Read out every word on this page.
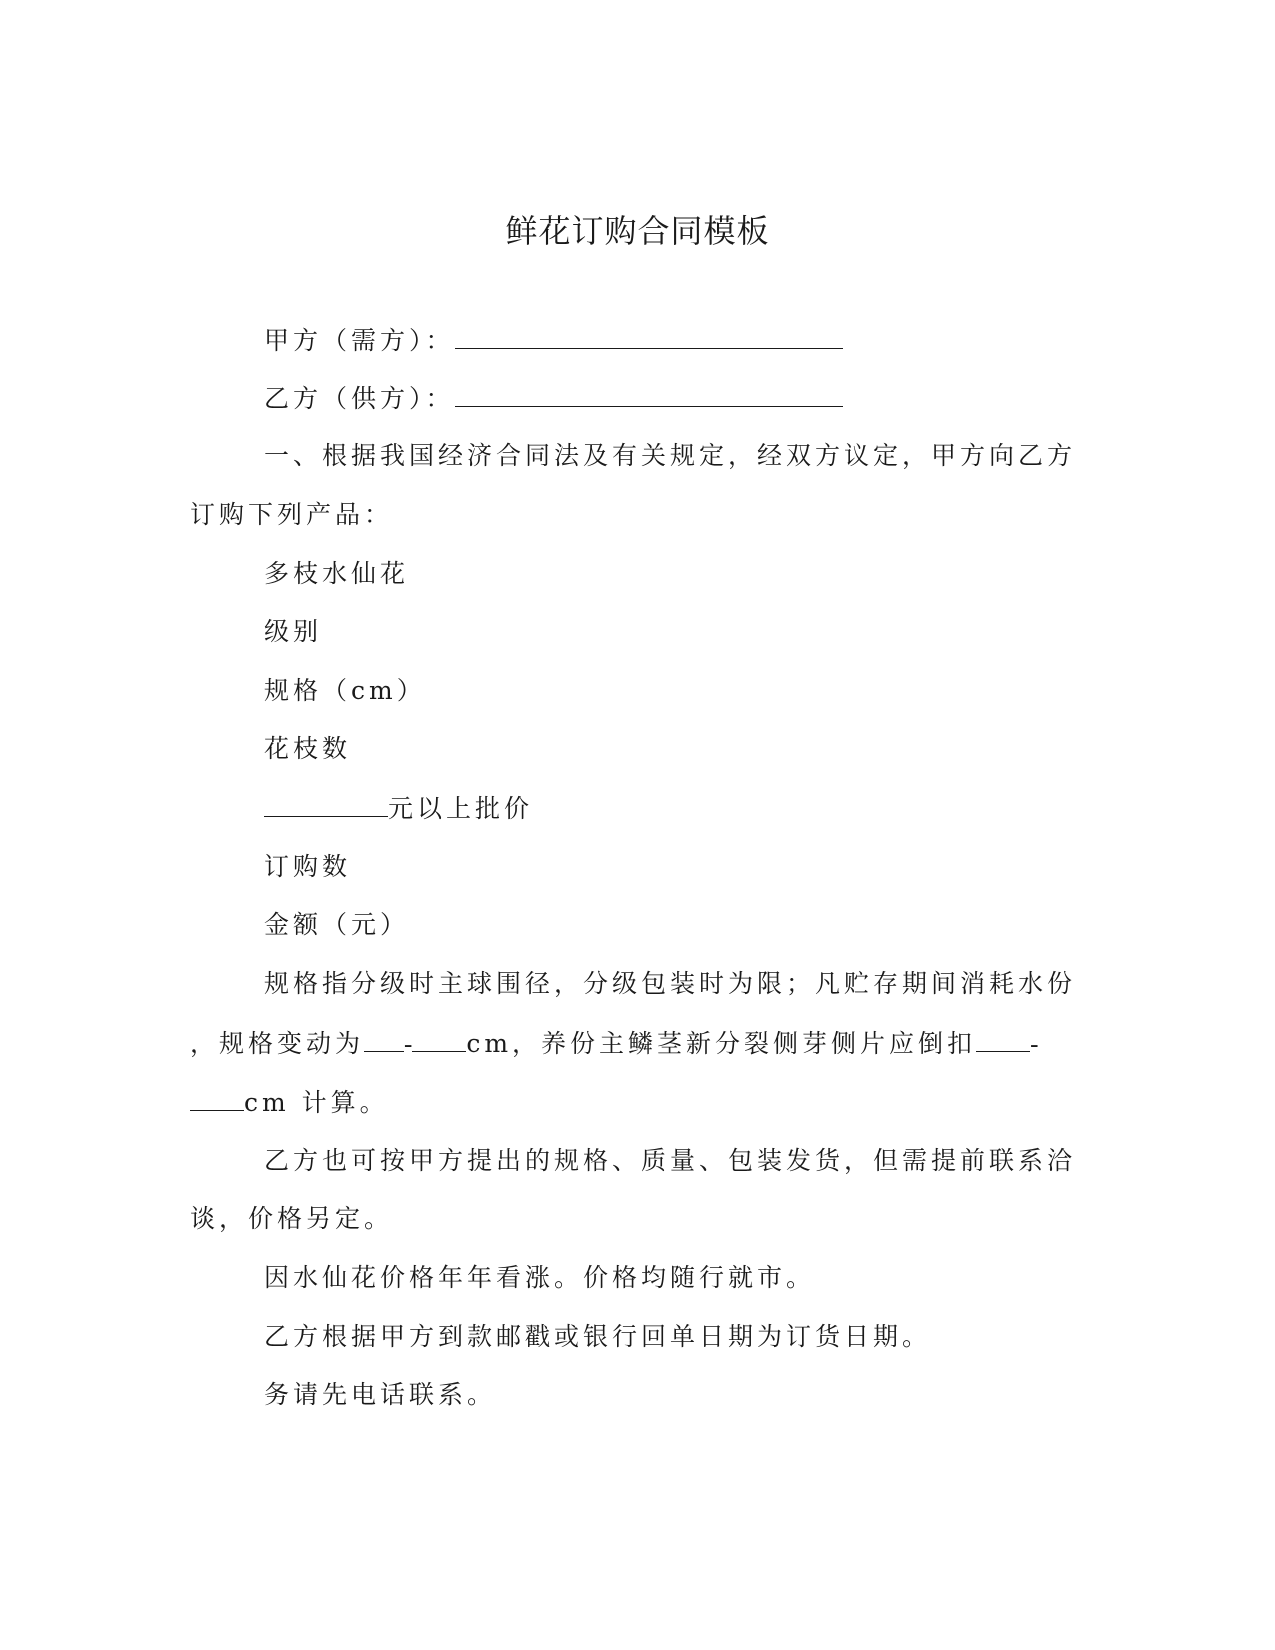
鲜花订购合同模板
甲方（需方）：
乙方（供方）：
一、根据我国经济合同法及有关规定，经双方议定，甲方向乙方
订购下列产品：
多枝水仙花
级别
规格（cm）
花枝数
元以上批价
订购数
金额（元）
规格指分级时主球围径，分级包装时为限；凡贮存期间消耗水份
，规格变动为 - cm，养份主鳞茎新分裂侧芽侧片应倒扣 -
cm 计算。
乙方也可按甲方提出的规格、质量、包装发货，但需提前联系洽
谈，价格另定。
因水仙花价格年年看涨。价格均随行就市。
乙方根据甲方到款邮戳或银行回单日期为订货日期。
务请先电话联系。
